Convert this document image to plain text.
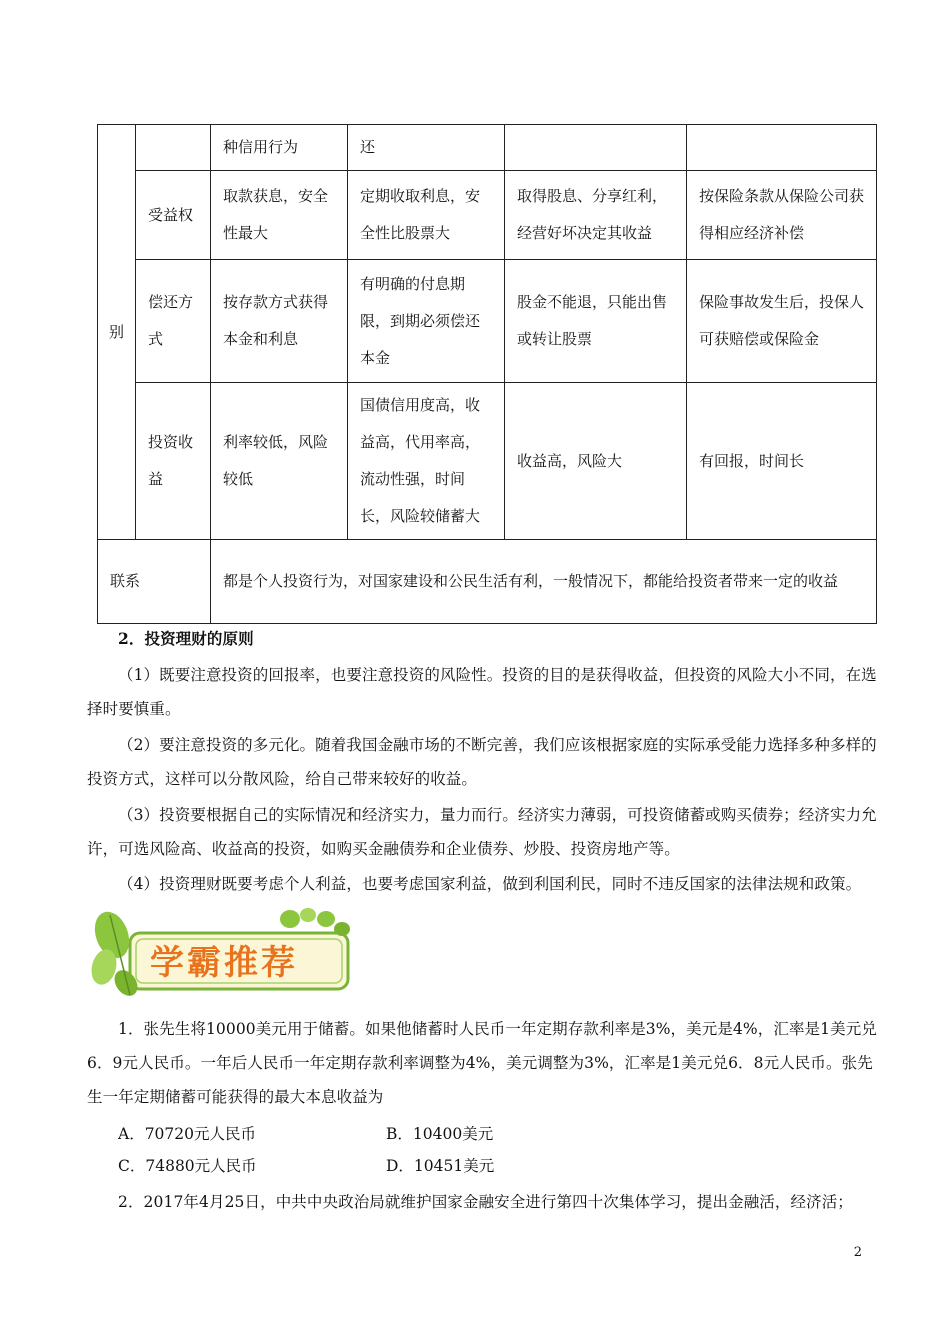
别		种信用行为	还		
	受益权	取款获息，安全性最大	定期收取利息，安全性比股票大	取得股息、分享红利，经营好坏决定其收益	按保险条款从保险公司获得相应经济补偿
	偿还方式	按存款方式获得本金和利息	有明确的付息期限，到期必须偿还本金	股金不能退，只能出售或转让股票	保险事故发生后，投保人可获赔偿或保险金
	投资收益	利率较低，风险较低	国债信用度高，收益高，代用率高，流动性强，时间长，风险较储蓄大	收益高，风险大	有回报，时间长
联系		都是个人投资行为，对国家建设和公民生活有利，一般情况下，都能给投资者带来一定的收益			
2．投资理财的原则
（1）既要注意投资的回报率，也要注意投资的风险性。投资的目的是获得收益，但投资的风险大小不同，在选择时要慎重。
（2）要注意投资的多元化。随着我国金融市场的不断完善，我们应该根据家庭的实际承受能力选择多种多样的投资方式，这样可以分散风险，给自己带来较好的收益。
（3）投资要根据自己的实际情况和经济实力，量力而行。经济实力薄弱，可投资储蓄或购买债券；经济实力允许，可选风险高、收益高的投资，如购买金融债券和企业债券、炒股、投资房地产等。
（4）投资理财既要考虑个人利益，也要考虑国家利益，做到利国利民，同时不违反国家的法律法规和政策。
学霸推荐
1．张先生将10000美元用于储蓄。如果他储蓄时人民币一年定期存款利率是3%，美元是4%，汇率是1美元兑6．9元人民币。一年后人民币一年定期存款利率调整为4%，美元调整为3%，汇率是1美元兑6．8元人民币。张先生一年定期储蓄可能获得的最大本息收益为
A．70720元人民币	B．10400美元
C．74880元人民币	D．10451美元
2．2017年4月25日，中共中央政治局就维护国家金融安全进行第四十次集体学习，提出金融活，经济活；
2
